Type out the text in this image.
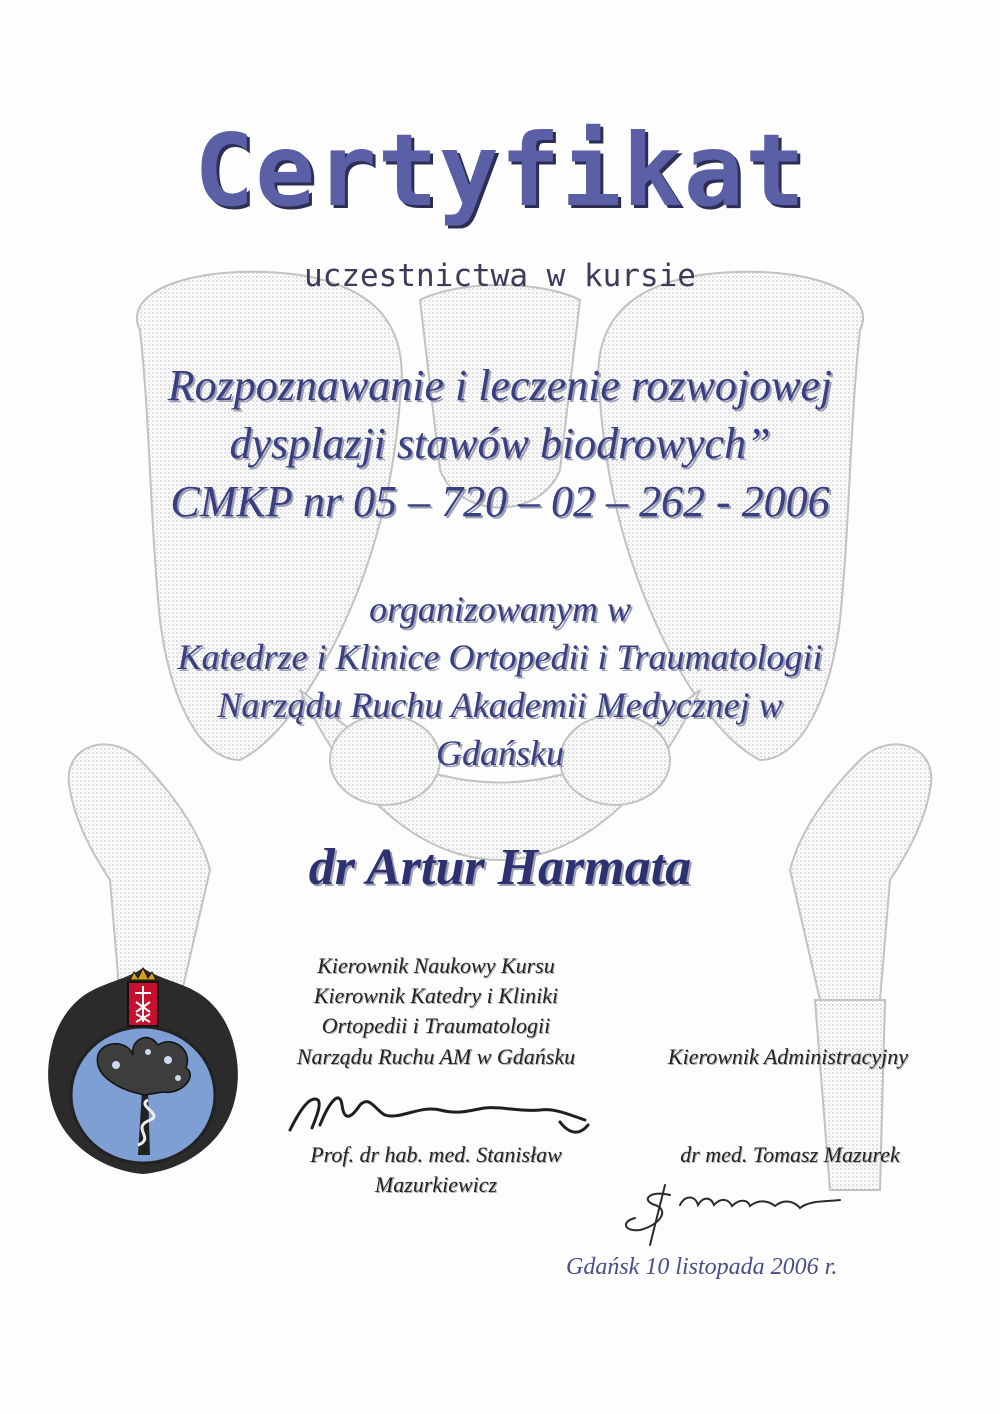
Certyfikat
uczestnictwa w kursie
Rozpoznawanie i leczenie rozwojowej
dysplazji stawów biodrowych”
CMKP nr 05 – 720 – 02 – 262 - 2006
organizowanym w
Katedrze i Klinice Ortopedii i Traumatologii
Narządu Ruchu Akademii Medycznej w
Gdańsku
dr Artur Harmata
Kierownik Naukowy Kursu
Kierownik Katedry i Kliniki
Ortopedii i Traumatologii
Narządu Ruchu AM w Gdańsku	Kierownik Administracyjny
Prof. dr hab. med. Stanisław
Mazurkiewicz
dr med. Tomasz Mazurek
Gdańsk 10 listopada 2006 r.
